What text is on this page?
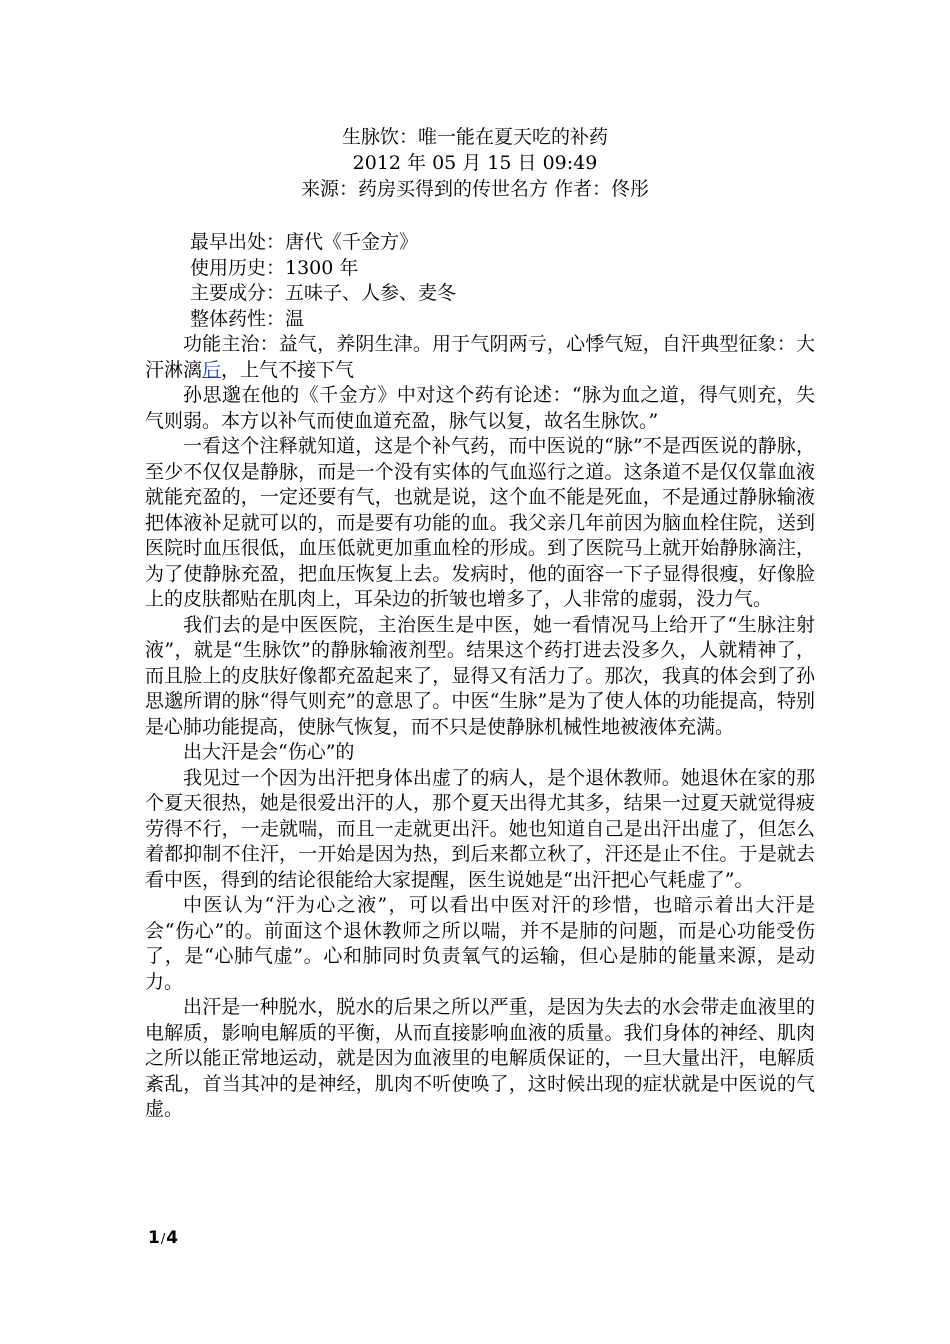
生脉饮：唯一能在夏天吃的补药
2012 年 05 月 15 日 09:49
来源：药房买得到的传世名方 作者：佟彤
最早出处：唐代《千金方》
使用历史：1300 年
主要成分：五味子、人参、麦冬
整体药性：温

功能主治：益气，养阴生津。用于气阴两亏，心悸气短，自汗典型征象：大汗淋漓后，上气不接下气

孙思邈在他的《千金方》中对这个药有论述：“脉为血之道，得气则充，失气则弱。本方以补气而使血道充盈，脉气以复，故名生脉饮。”

一看这个注释就知道，这是个补气药，而中医说的“脉”不是西医说的静脉，至少不仅仅是静脉，而是一个没有实体的气血巡行之道。这条道不是仅仅靠血液就能充盈的，一定还要有气，也就是说，这个血不能是死血，不是通过静脉输液把体液补足就可以的，而是要有功能的血。我父亲几年前因为脑血栓住院，送到医院时血压很低，血压低就更加重血栓的形成。到了医院马上就开始静脉滴注，为了使静脉充盈，把血压恢复上去。发病时，他的面容一下子显得很瘦，好像脸上的皮肤都贴在肌肉上，耳朵边的折皱也增多了，人非常的虚弱，没力气。

我们去的是中医医院，主治医生是中医，她一看情况马上给开了“生脉注射液”，就是“生脉饮”的静脉输液剂型。结果这个药打进去没多久，人就精神了，而且脸上的皮肤好像都充盈起来了，显得又有活力了。那次，我真的体会到了孙思邈所谓的脉“得气则充”的意思了。中医“生脉”是为了使人体的功能提高，特别是心肺功能提高，使脉气恢复，而不只是使静脉机械性地被液体充满。

出大汗是会“伤心”的

我见过一个因为出汗把身体出虚了的病人，是个退休教师。她退休在家的那个夏天很热，她是很爱出汗的人，那个夏天出得尤其多，结果一过夏天就觉得疲劳得不行，一走就喘，而且一走就更出汗。她也知道自己是出汗出虚了，但怎么着都抑制不住汗，一开始是因为热，到后来都立秋了，汗还是止不住。于是就去看中医，得到的结论很能给大家提醒，医生说她是“出汗把心气耗虚了”。

中医认为“汗为心之液”，可以看出中医对汗的珍惜，也暗示着出大汗是会“伤心”的。前面这个退休教师之所以喘，并不是肺的问题，而是心功能受伤了，是“心肺气虚”。心和肺同时负责氧气的运输，但心是肺的能量来源，是动力。

出汗是一种脱水，脱水的后果之所以严重，是因为失去的水会带走血液里的电解质，影响电解质的平衡，从而直接影响血液的质量。我们身体的神经、肌肉之所以能正常地运动，就是因为血液里的电解质保证的，一旦大量出汗，电解质紊乱，首当其冲的是神经，肌肉不听使唤了，这时候出现的症状就是中医说的气虚。

1/4
